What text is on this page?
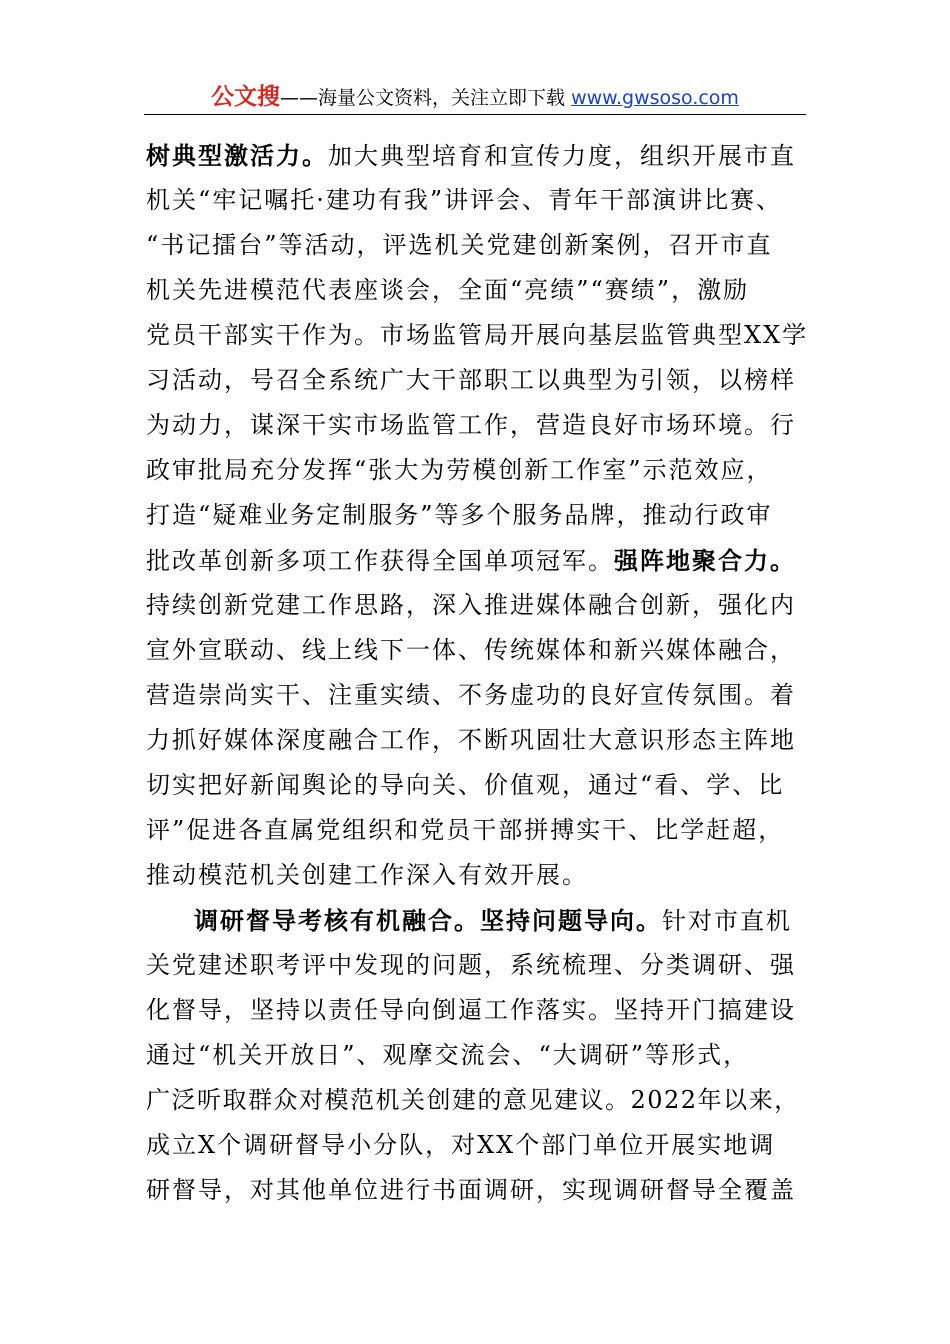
公文搜——海量公文资料，关注立即下载 www.gwsoso.com
树典型激活力。加大典型培育和宣传力度，组织开展市直
机关“牢记嘱托·建功有我”讲评会、青年干部演讲比赛、
“书记擂台”等活动，评选机关党建创新案例，召开市直
机关先进模范代表座谈会，全面“亮绩”“赛绩”，激励
党员干部实干作为。市场监管局开展向基层监管典型XX学
习活动，号召全系统广大干部职工以典型为引领，以榜样
为动力，谋深干实市场监管工作，营造良好市场环境。行
政审批局充分发挥“张大为劳模创新工作室”示范效应，
打造“疑难业务定制服务”等多个服务品牌，推动行政审
批改革创新多项工作获得全国单项冠军。强阵地聚合力。
持续创新党建工作思路，深入推进媒体融合创新，强化内
宣外宣联动、线上线下一体、传统媒体和新兴媒体融合，
营造崇尚实干、注重实绩、不务虚功的良好宣传氛围。着
力抓好媒体深度融合工作，不断巩固壮大意识形态主阵地
切实把好新闻舆论的导向关、价值观，通过“看、学、比
评”促进各直属党组织和党员干部拼搏实干、比学赶超，
推动模范机关创建工作深入有效开展。
调研督导考核有机融合。坚持问题导向。针对市直机
关党建述职考评中发现的问题，系统梳理、分类调研、强
化督导，坚持以责任导向倒逼工作落实。坚持开门搞建设
通过“机关开放日”、观摩交流会、“大调研”等形式，
广泛听取群众对模范机关创建的意见建议。2022年以来，
成立X个调研督导小分队，对XX个部门单位开展实地调
研督导，对其他单位进行书面调研，实现调研督导全覆盖
